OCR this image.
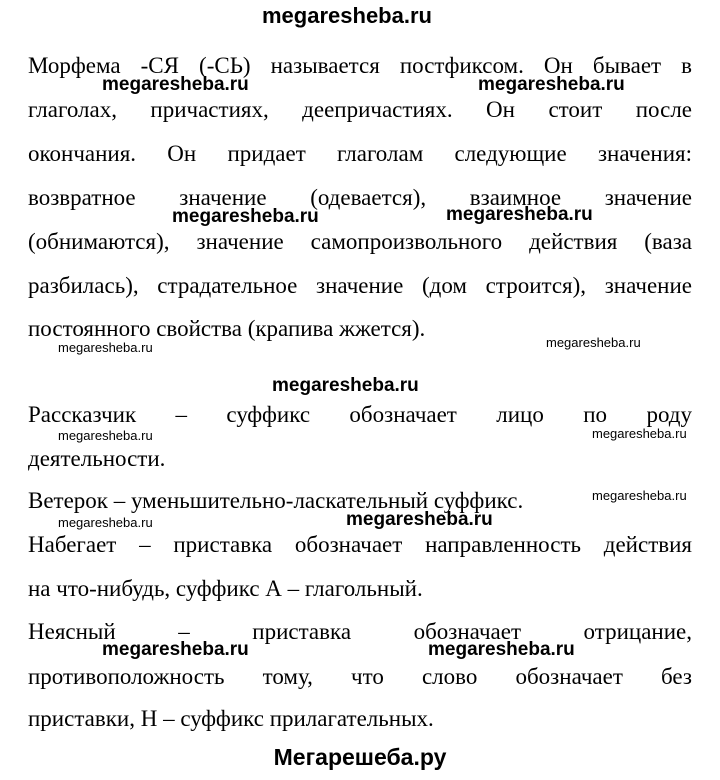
megaresheba.ru
Морфема -СЯ (-СЬ) называется постфиксом. Он бывает в
глаголах, причастиях, деепричастиях. Он стоит после
окончания. Он придает глаголам следующие значения:
возвратное значение (одевается), взаимное значение
(обнимаются), значение самопроизвольного действия (ваза
разбилась), страдательное значение (дом строится), значение
постоянного свойства (крапива жжется).
Рассказчик – суффикс обозначает лицо по роду
деятельности.
Ветерок – уменьшительно-ласкательный суффикс.
Набегает – приставка обозначает направленность действия
на что-нибудь, суффикс А – глагольный.
Неясный – приставка обозначает отрицание,
противоположность тому, что слово обозначает без
приставки, Н – суффикс прилагательных.
megaresheba.ru	megaresheba.ru
megaresheba.ru	megaresheba.ru
megaresheba.ru	megaresheba.ru
megaresheba.ru
megaresheba.ru	megaresheba.ru
megaresheba.ru
megaresheba.ru	megaresheba.ru
megaresheba.ru	megaresheba.ru
Мегарешеба.ру
